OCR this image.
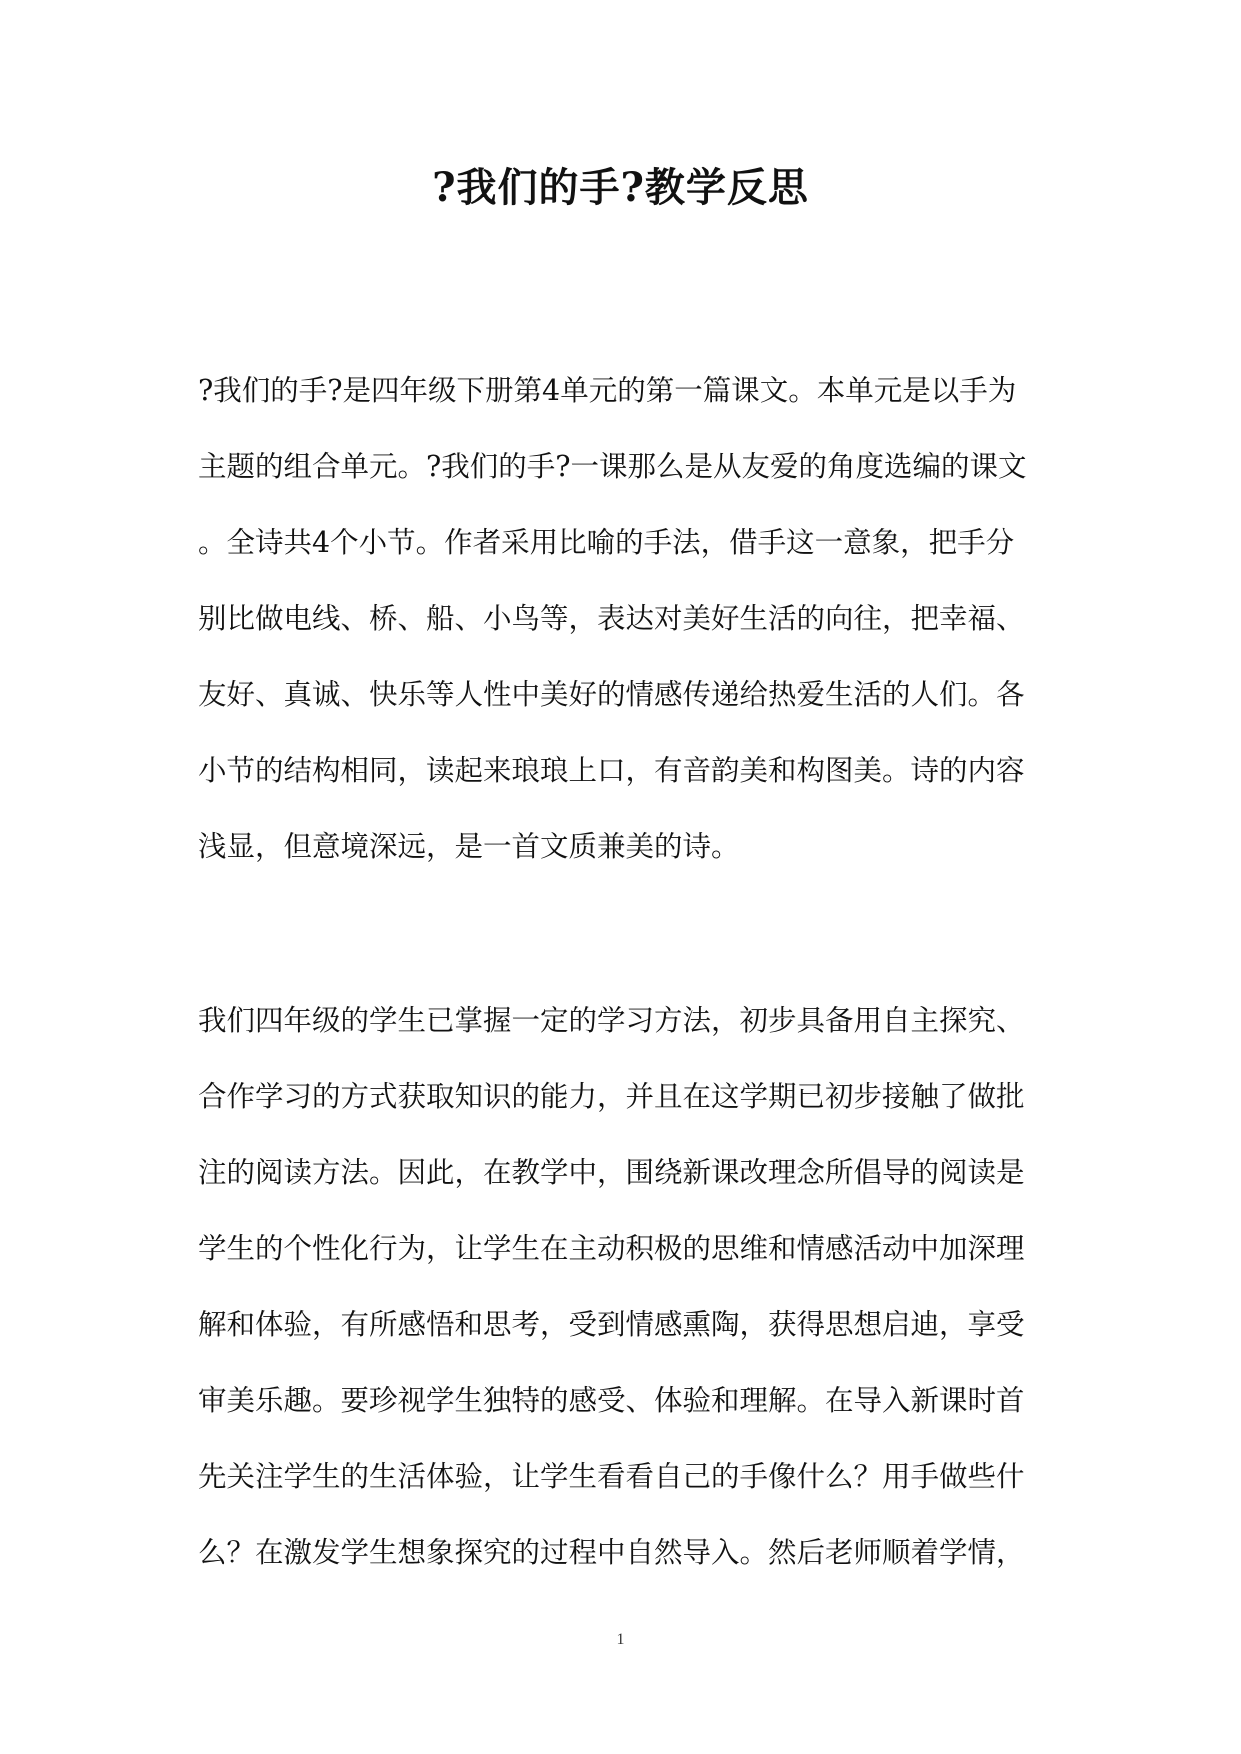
?我们的手?教学反思

?我们的手?是四年级下册第4单元的第一篇课文。本单元是以手为

主题的组合单元。?我们的手?一课那么是从友爱的角度选编的课文

。全诗共4个小节。作者采用比喻的手法，借手这一意象，把手分

别比做电线、桥、船、小鸟等，表达对美好生活的向往，把幸福、

友好、真诚、快乐等人性中美好的情感传递给热爱生活的人们。各

小节的结构相同，读起来琅琅上口，有音韵美和构图美。诗的内容

浅显，但意境深远，是一首文质兼美的诗。

我们四年级的学生已掌握一定的学习方法，初步具备用自主探究、

合作学习的方式获取知识的能力，并且在这学期已初步接触了做批

注的阅读方法。因此，在教学中，围绕新课改理念所倡导的阅读是

学生的个性化行为，让学生在主动积极的思维和情感活动中加深理

解和体验，有所感悟和思考，受到情感熏陶，获得思想启迪，享受

审美乐趣。要珍视学生独特的感受、体验和理解。在导入新课时首

先关注学生的生活体验，让学生看看自己的手像什么？用手做些什

么？在激发学生想象探究的过程中自然导入。然后老师顺着学情，

1
